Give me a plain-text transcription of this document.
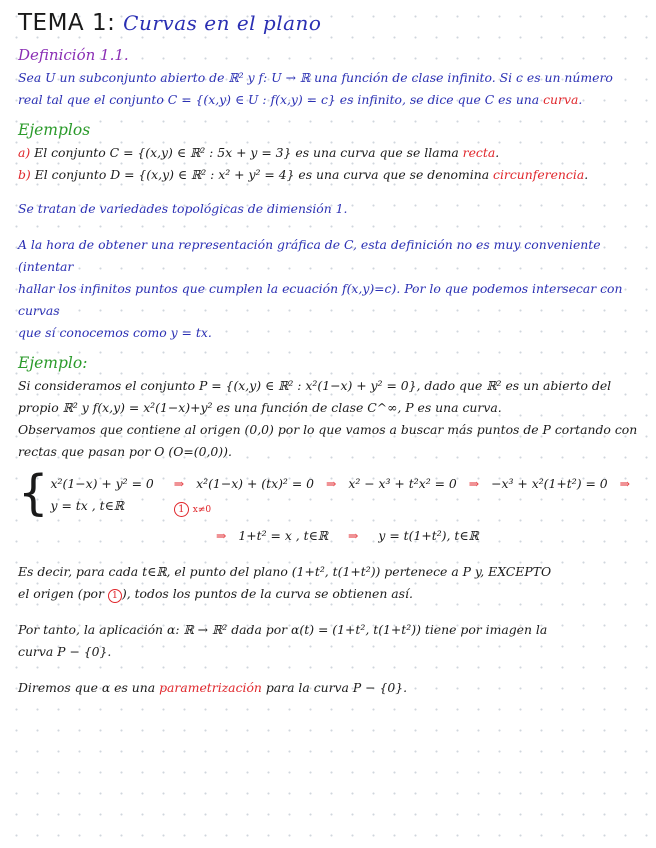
TEMA 1: Curvas en el plano
Definición 1.1.

Sea U un subconjunto abierto de ℝ² y f: U → ℝ una función de clase infinito. Si c es un número

real tal que el conjunto C = {(x,y) ∈ U : f(x,y) = c} es infinito, se dice que C es una curva.

Ejemplos

a) El conjunto C = {(x,y) ∈ ℝ² : 5x + y = 3} es una curva que se llama recta.

b) El conjunto D = {(x,y) ∈ ℝ² : x² + y² = 4} es una curva que se denomina circunferencia.

Se tratan de variedades topológicas de dimensión 1.

A la hora de obtener una representación gráfica de C, esta definición no es muy conveniente (intentar

hallar los infinitos puntos que cumplen la ecuación f(x,y)=c). Por lo que podemos intersecar con curvas

que sí conocemos como y = tx.

Ejemplo:

Si consideramos el conjunto P = {(x,y) ∈ ℝ² : x²(1−x) + y² = 0}, dado que ℝ² es un abierto del

propio ℝ² y f(x,y) = x²(1−x)+y² es una función de clase C^∞, P es una curva.

Observamos que contiene al origen (0,0) por lo que vamos a buscar más puntos de P cortando con

rectas que pasan por O (O=(0,0)).

{ x²(1−x) + y² = 0
y = tx , t∈ℝ
⇒ x²(1−x) + (tx)² = 0 ⇒ x² − x³ + t²x² = 0 ⇒ −x³ + x²(1+t²) = 0 ⇒
1 x≠0
⇒ 1+t² = x , t∈ℝ ⇒ y = t(1+t²), t∈ℝ

Es decir, para cada t∈ℝ, el punto del plano (1+t², t(1+t²)) pertenece a P y, EXCEPTO

el origen (por 1 ), todos los puntos de la curva se obtienen así.

Por tanto, la aplicación α: ℝ → ℝ² dada por α(t) = (1+t², t(1+t²)) tiene por imagen la

curva P − {0}.

Diremos que α es una parametrización para la curva P − {0}.
